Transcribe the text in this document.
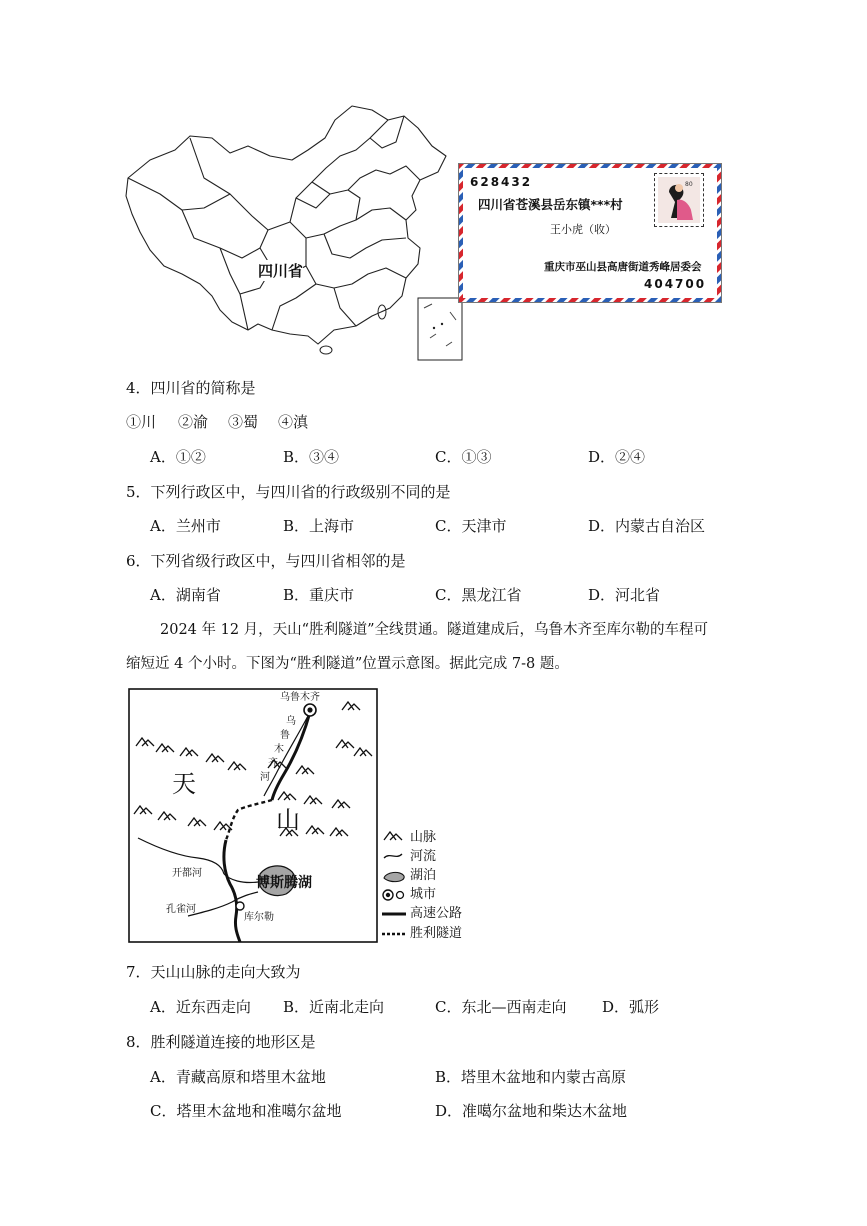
四川省
80
628432
四川省苍溪县岳东镇***村
王小虎（收）
重庆市巫山县高唐街道秀峰居委会
404700
4．四川省的简称是
①川 ②渝 ③蜀 ④滇
A．①②	B．③④	C．①③	D．②④
5．下列行政区中，与四川省的行政级别不同的是
A．兰州市	B．上海市	C．天津市	D．内蒙古自治区
6．下列省级行政区中，与四川省相邻的是
A．湖南省	B．重庆市	C．黑龙江省	D．河北省
2024 年 12 月，天山“胜利隧道”全线贯通。隧道建成后，乌鲁木齐至库尔勒的车程可
缩短近 4 个小时。下图为“胜利隧道”位置示意图。据此完成 7-8 题。
乌鲁木齐
乌
鲁
木
齐
河
天
山
开都河
博斯腾湖
孔雀河
库尔勒
山脉
河流
湖泊
城市
高速公路
胜利隧道
7．天山山脉的走向大致为
A．近东西走向 B．近南北走向	C．东北—西南走向 D．弧形
8．胜利隧道连接的地形区是
A．青藏高原和塔里木盆地	B．塔里木盆地和内蒙古高原
C．塔里木盆地和准噶尔盆地	D．准噶尔盆地和柴达木盆地
